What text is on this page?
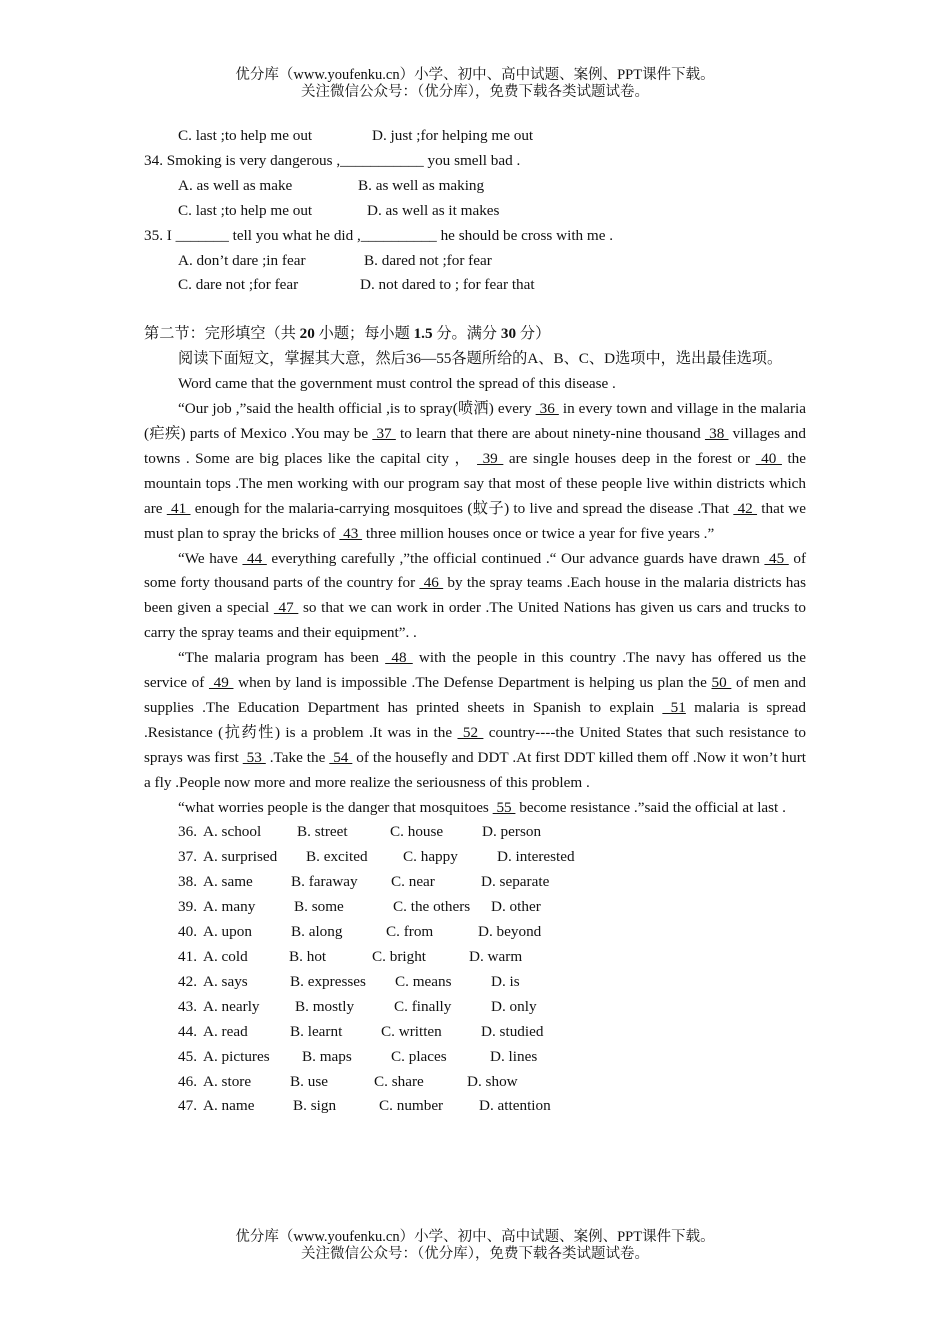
优分库（www.youfenku.cn）小学、初中、高中试题、案例、PPT课件下载。
关注微信公众号：（优分库），免费下载各类试题试卷。
C. last ;to help me out	D. just ;for helping me out
34. Smoking is very dangerous ,___________ you smell bad .
A. as well as make	B. as well as making
C. last ;to help me out	D. as well as it makes
35. I _______ tell you what he did ,__________ he should be cross with me .
A. don’t dare ;in fear	B. dared not ;for fear
C. dare not ;for fear	D. not dared to ; for fear that
第二节：完形填空（共 20 小题；每小题 1.5 分。满分 30 分）
阅读下面短文，掌握其大意，然后36—55各题所给的A、B、C、D选项中，选出最佳选项。
Word came that the government must control the spread of this disease .
“Our job ,”said the health official ,is to spray(喷洒) every  36  in every town and village in the malaria (疟疾) parts of Mexico .You may be  37  to learn that there are about ninety-nine thousand  38  villages and towns . Some are big places like the capital city ，  39  are single houses deep in the forest or  40  the mountain tops .The men working with our program say that most of these people live within districts which are  41  enough for the malaria-carrying mosquitoes (蚊子) to live and spread the disease .That  42  that we must plan to spray the bricks of  43  three million houses once or twice a year for five years .”
“We have  44  everything carefully ,”the official continued .“ Our advance guards have drawn  45  of some forty thousand parts of the country for  46  by the spray teams .Each house in the malaria districts has been given a special  47  so that we can work in order .The United Nations has given us cars and trucks to carry the spray teams and their equipment”. .
“The malaria program has been  48  with the people in this country .The navy has offered us the service of  49  when by land is impossible .The Defense Department is helping us plan the 50  of men and supplies .The Education Department has printed sheets in Spanish to explain  51 malaria is spread .Resistance (抗药性) is a problem .It was in the  52  country----the United States that such resistance to sprays was first  53  .Take the  54  of the housefly and DDT .At first DDT killed them off .Now it won’t hurt a fly .People now more and more realize the seriousness of this problem .
“what worries people is the danger that mosquitoes  55  become resistance .”said the official at last .
36.A. school B. street	C. house	D. person
37.A. surprised B. excited C. happy	D. interested
38.A. same	B. faraway C. near	D. separate
39.A. many	B. some	C. the others D. other
40.A. upon	B. along	C. from	D. beyond
41.A. cold	B. hot	C. bright	D. warm
42.A. says	B. expresses C. means	D. is
43.A. nearly B. mostly	C. finally	D. only
44.A. read	B. learnt	C. written	D. studied
45.A. pictures B. maps	C. places	D. lines
46.A. store	B. use	C. share	D. show
47.A. name	B. sign	C. number D. attention
优分库（www.youfenku.cn）小学、初中、高中试题、案例、PPT课件下载。
关注微信公众号：（优分库），免费下载各类试题试卷。
